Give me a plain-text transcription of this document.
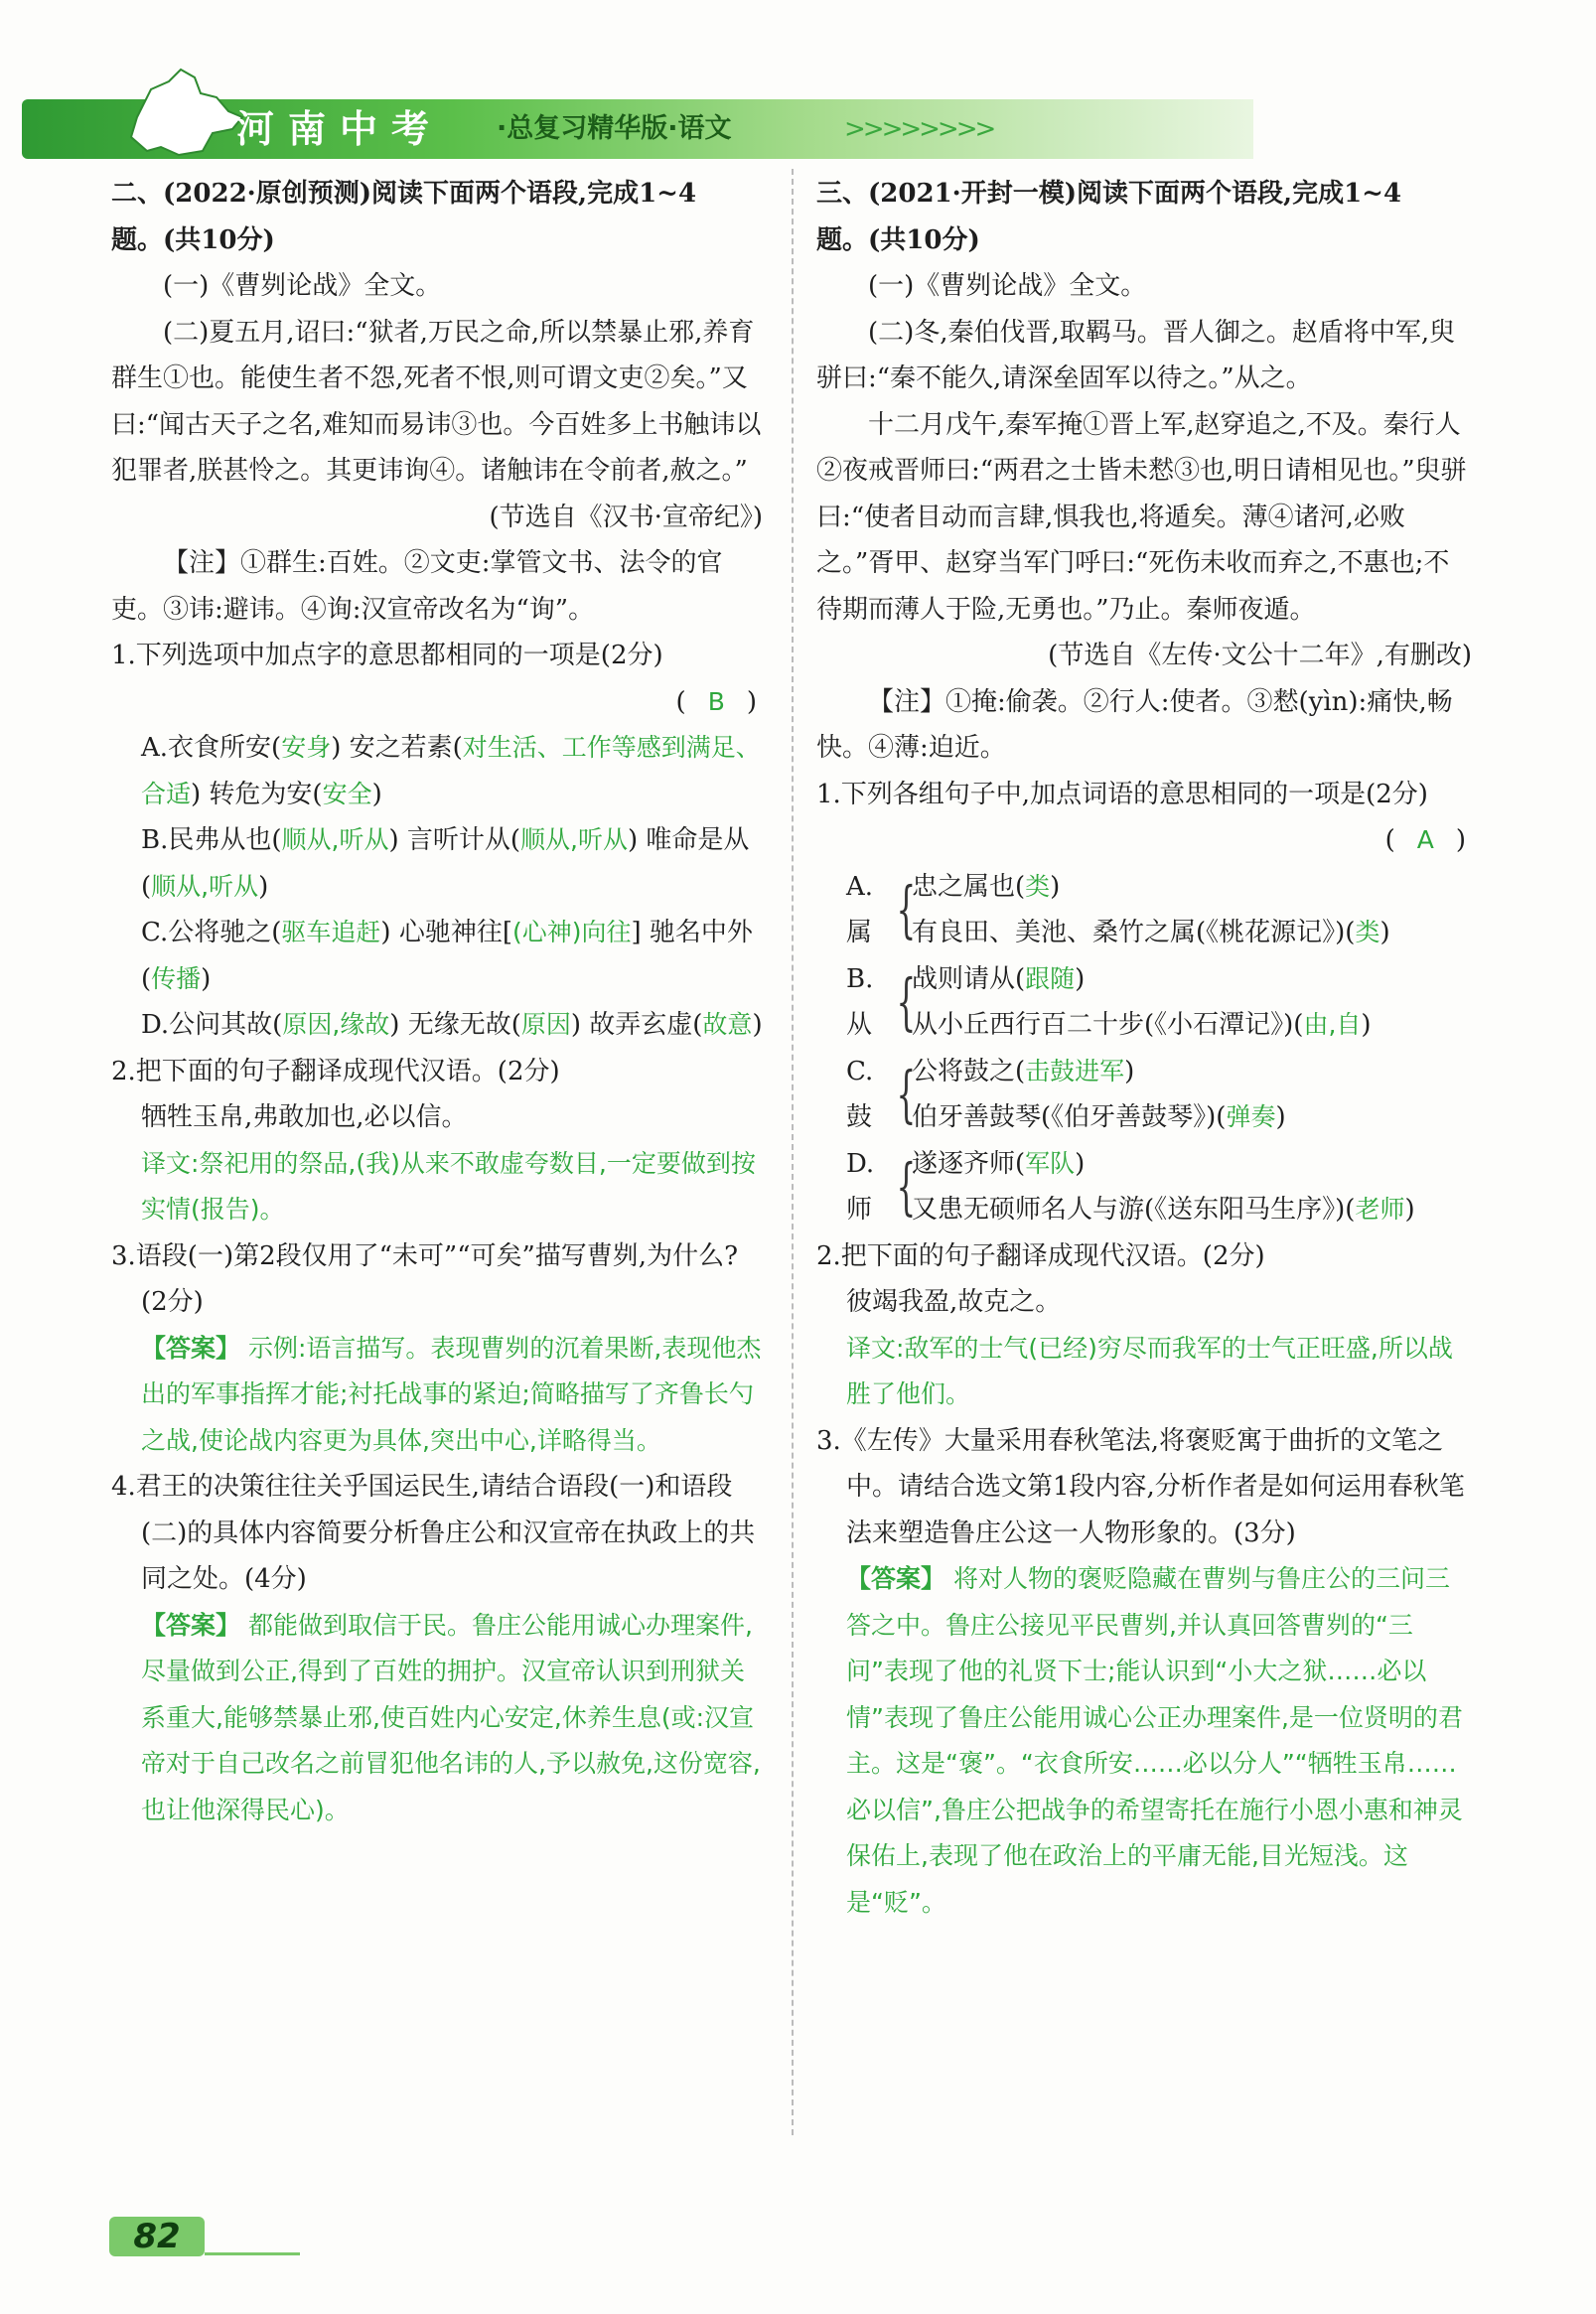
河南中考 ·总复习精华版·语文	>>>>>>>>

二、(2022·原创预测)阅读下面两个语段,完成1~4

题。(共10分)

(一)《曹刿论战》全文。

(二)夏五月,诏曰:“狱者,万民之命,所以禁暴止邪,养育群生①也。能使生者不怨,死者不恨,则可谓文吏②矣。”又曰:“闻古天子之名,难知而易讳③也。今百姓多上书触讳以犯罪者,朕甚怜之。其更讳询④。诸触讳在令前者,赦之。”

(节选自《汉书·宣帝纪》)

【注】①群生:百姓。②文吏:掌管文书、法令的官吏。③讳:避讳。④询:汉宣帝改名为“询”。

1.下列选项中加点字的意思都相同的一项是(2分)

( B )

A.衣食所安(安身) 安之若素(对生活、工作等感到满足、合适) 转危为安(安全)

B.民弗从也(顺从,听从) 言听计从(顺从,听从) 唯命是从(顺从,听从)

C.公将驰之(驱车追赶) 心驰神往[(心神)向往] 驰名中外(传播)

D.公问其故(原因,缘故) 无缘无故(原因) 故弄玄虚(故意)

2.把下面的句子翻译成现代汉语。(2分)

牺牲玉帛,弗敢加也,必以信。

译文:祭祀用的祭品,(我)从来不敢虚夸数目,一定要做到按实情(报告)。

3.语段(一)第2段仅用了“未可”“可矣”描写曹刿,为什么?(2分)

【答案】 示例:语言描写。表现曹刿的沉着果断,表现他杰出的军事指挥才能;衬托战事的紧迫;简略描写了齐鲁长勺之战,使论战内容更为具体,突出中心,详略得当。

4.君王的决策往往关乎国运民生,请结合语段(一)和语段(二)的具体内容简要分析鲁庄公和汉宣帝在执政上的共同之处。(4分)

【答案】 都能做到取信于民。鲁庄公能用诚心办理案件,尽量做到公正,得到了百姓的拥护。汉宣帝认识到刑狱关系重大,能够禁暴止邪,使百姓内心安定,休养生息(或:汉宣帝对于自己改名之前冒犯他名讳的人,予以赦免,这份宽容,也让他深得民心)。

三、(2021·开封一模)阅读下面两个语段,完成1~4

题。(共10分)

(一)《曹刿论战》全文。

(二)冬,秦伯伐晋,取羁马。晋人御之。赵盾将中军,臾骈曰:“秦不能久,请深垒固军以待之。”从之。

十二月戊午,秦军掩①晋上军,赵穿追之,不及。秦行人②夜戒晋师曰:“两君之士皆未慭③也,明日请相见也。”臾骈曰:“使者目动而言肆,惧我也,将遁矣。薄④诸河,必败之。”胥甲、赵穿当军门呼曰:“死伤未收而弃之,不惠也;不待期而薄人于险,无勇也。”乃止。秦师夜遁。

(节选自《左传·文公十二年》,有删改)

【注】①掩:偷袭。②行人:使者。③慭(yìn):痛快,畅快。④薄:迫近。

1.下列各组句子中,加点词语的意思相同的一项是(2分)

( A )

A.属 {
忠之属也(类)
有良田、美池、桑竹之属(《桃花源记》)(类)
B.从 {
战则请从(跟随)
从小丘西行百二十步(《小石潭记》)(由,自)
C.鼓 {
公将鼓之(击鼓进军)
伯牙善鼓琴(《伯牙善鼓琴》)(弹奏)
D.师 {
遂逐齐师(军队)
又患无硕师名人与游(《送东阳马生序》)(老师)

2.把下面的句子翻译成现代汉语。(2分)

彼竭我盈,故克之。

译文:敌军的士气(已经)穷尽而我军的士气正旺盛,所以战胜了他们。

3.《左传》大量采用春秋笔法,将褒贬寓于曲折的文笔之中。请结合选文第1段内容,分析作者是如何运用春秋笔法来塑造鲁庄公这一人物形象的。(3分)

【答案】 将对人物的褒贬隐藏在曹刿与鲁庄公的三问三答之中。鲁庄公接见平民曹刿,并认真回答曹刿的“三问”表现了他的礼贤下士;能认识到“小大之狱……必以情”表现了鲁庄公能用诚心公正办理案件,是一位贤明的君主。这是“褒”。“衣食所安……必以分人”“牺牲玉帛……必以信”,鲁庄公把战争的希望寄托在施行小恩小惠和神灵保佑上,表现了他在政治上的平庸无能,目光短浅。这是“贬”。

82
